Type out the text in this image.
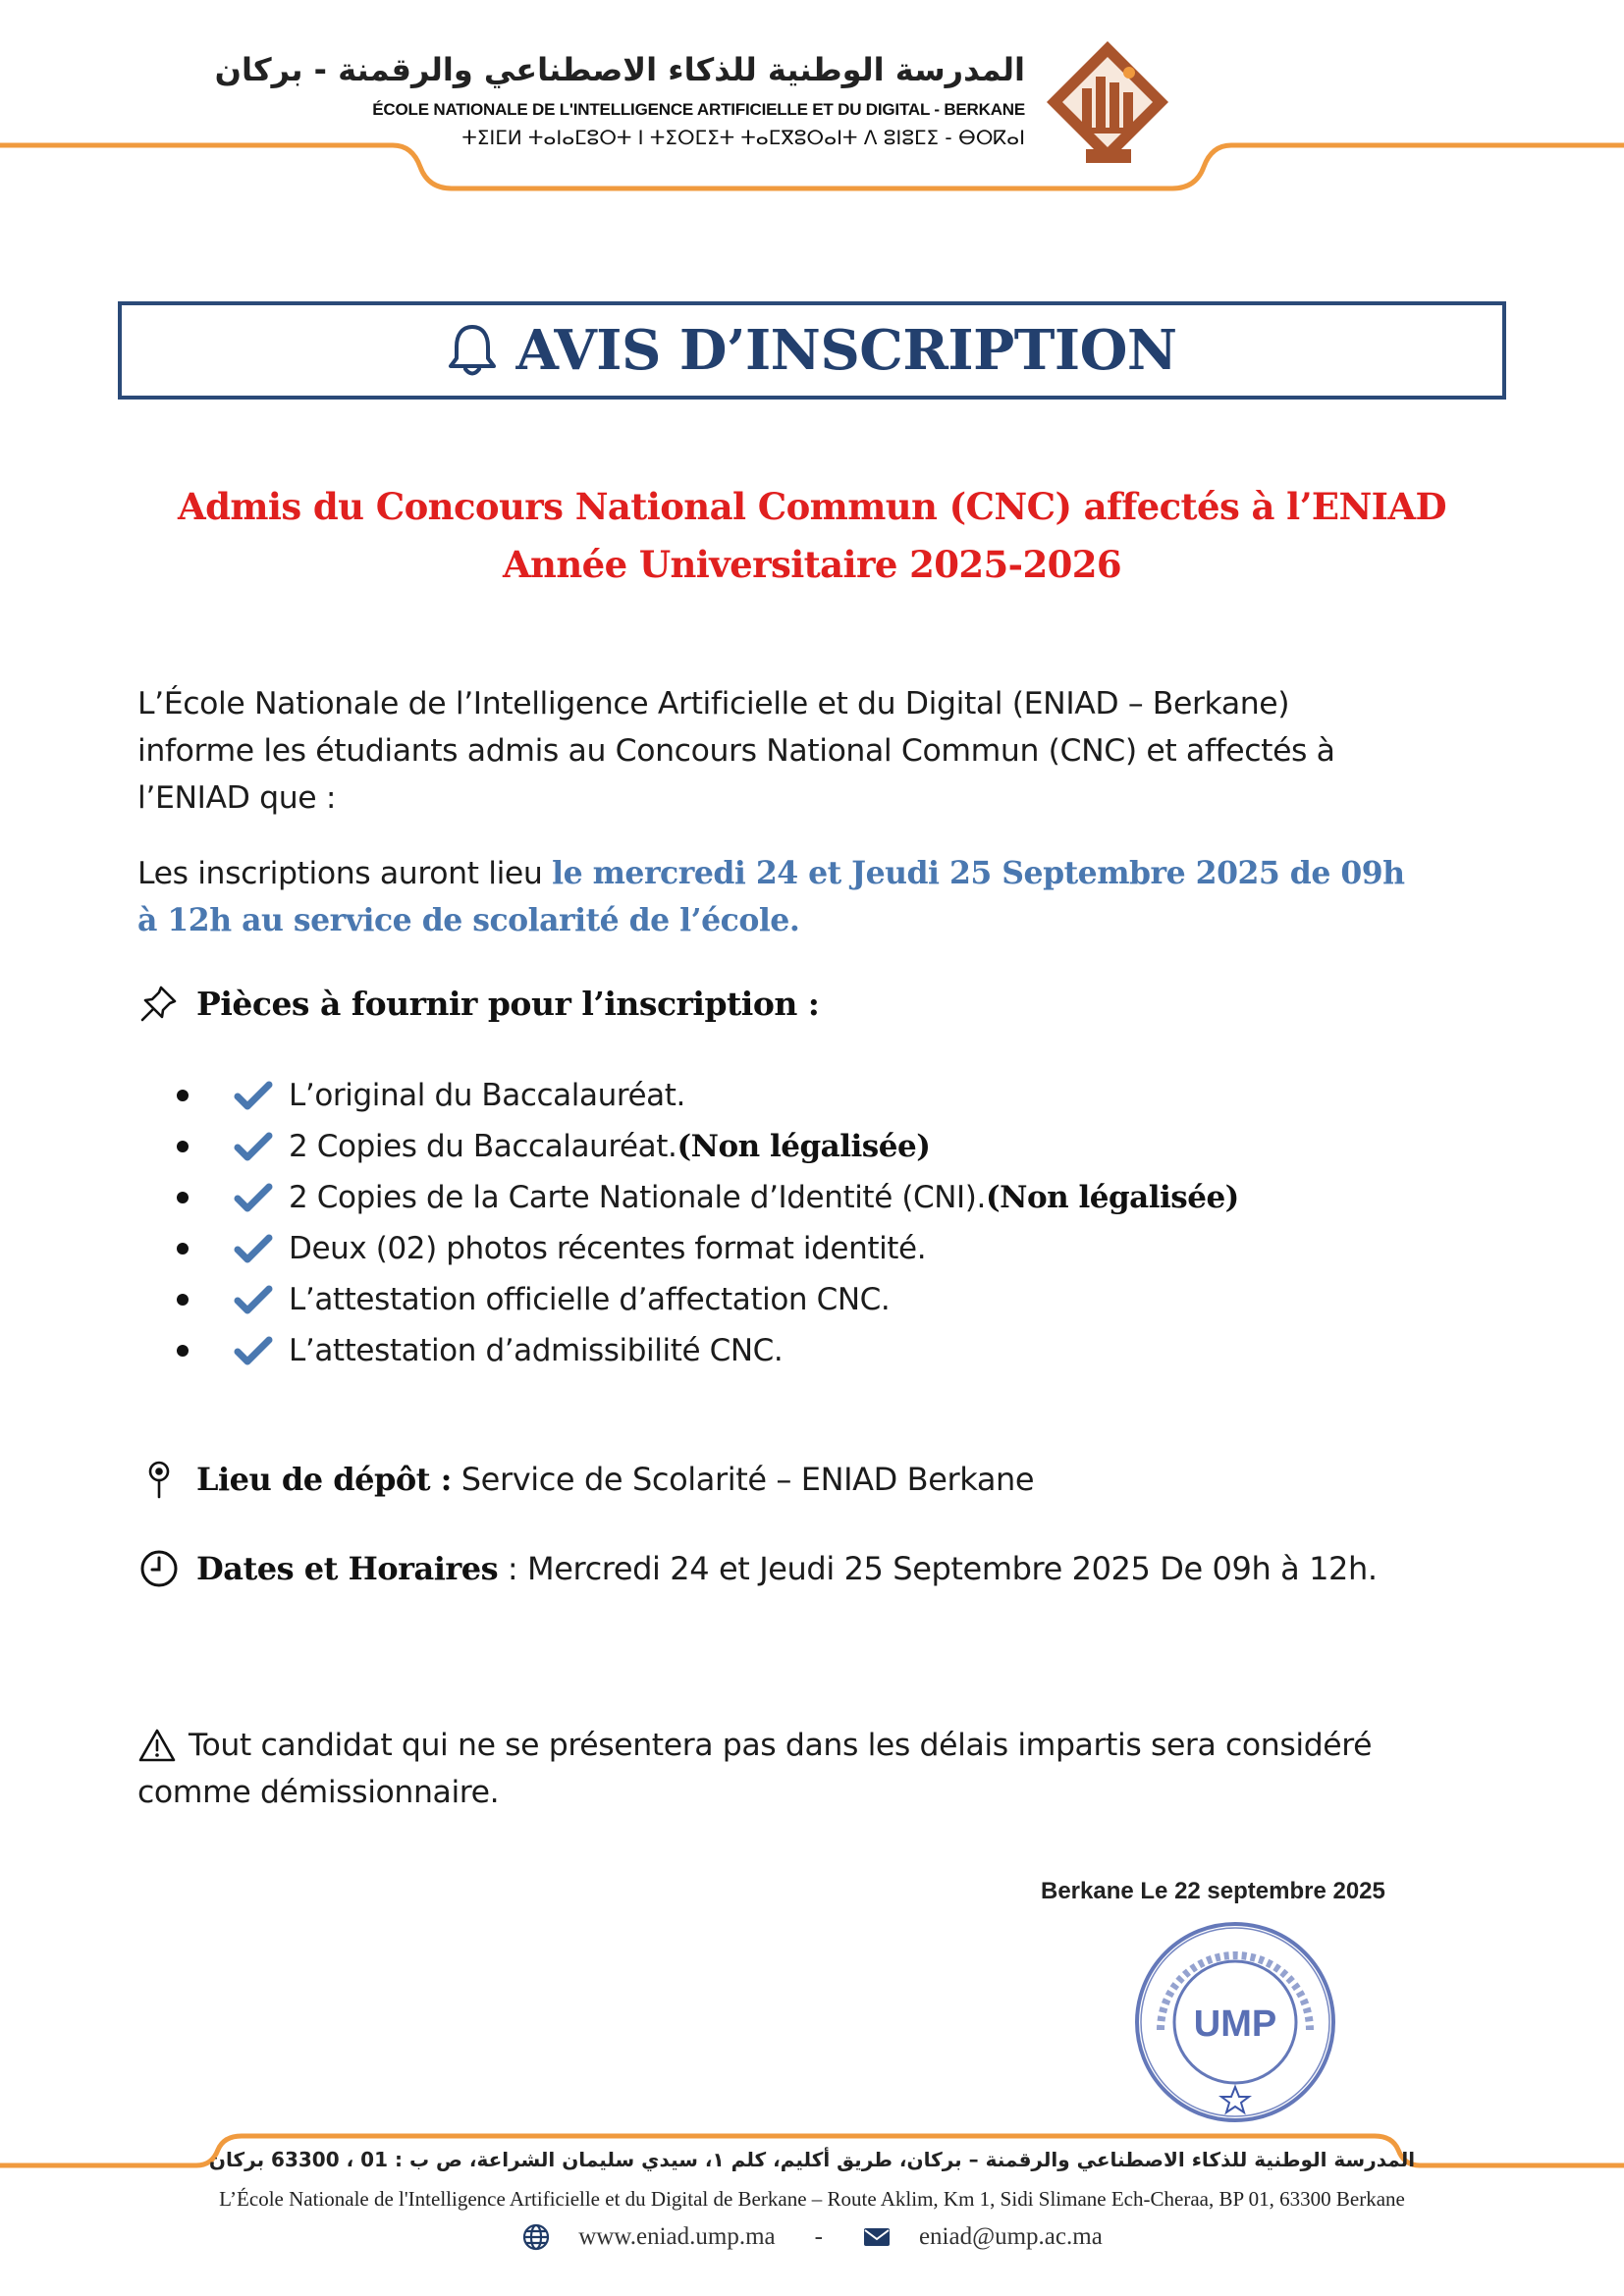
المدرسة الوطنية للذكاء الاصطناعي والرقمنة - بركان
ÉCOLE NATIONALE DE L'INTELLIGENCE ARTIFICIELLE ET DU DIGITAL - BERKANE
ⵜⵉⵏⵎⵍ ⵜⴰⵏⴰⵎⵓⵔⵜ ⵏ ⵜⵉⵔⵎⵉⵜ ⵜⴰⵎⴳⵓⵔⴰⵏⵜ ⴷ ⵓⵏⵓⵎⵉ - ⴱⵔⴽⴰⵏ
AVIS D’INSCRIPTION
Admis du Concours National Commun (CNC) affectés à l’ENIAD
Année Universitaire 2025-2026
L’École Nationale de l’Intelligence Artificielle et du Digital (ENIAD – Berkane)
informe les étudiants admis au Concours National Commun (CNC) et affectés à
l’ENIAD que :
Les inscriptions auront lieu le mercredi 24 et Jeudi 25 Septembre 2025 de 09h
à 12h au service de scolarité de l’école.
Pièces à fournir pour l’inscription :
L’original du Baccalauréat.
2 Copies du Baccalauréat. (Non légalisée)
2 Copies de la Carte Nationale d’Identité (CNI). (Non légalisée)
Deux (02) photos récentes format identité.
L’attestation officielle d’affectation CNC.
L’attestation d’admissibilité CNC.
Lieu de dépôt : Service de Scolarité – ENIAD Berkane
Dates et Horaires : Mercredi 24 et Jeudi 25 Septembre 2025 De 09h à 12h.
Tout candidat qui ne se présentera pas dans les délais impartis sera considéré
comme démissionnaire.
Berkane Le 22 septembre 2025
UMP
المدرسة الوطنية للذكاء الاصطناعي والرقمنة – بركان، طريق أكليم، كلم ١، سيدي سليمان الشراعة، ص ب : 01 ، 63300 بركان
L’École Nationale de l'Intelligence Artificielle et du Digital de Berkane – Route Aklim, Km 1, Sidi Slimane Ech-Cheraa, BP 01, 63300 Berkane
www.eniad.ump.ma -	eniad@ump.ac.ma
